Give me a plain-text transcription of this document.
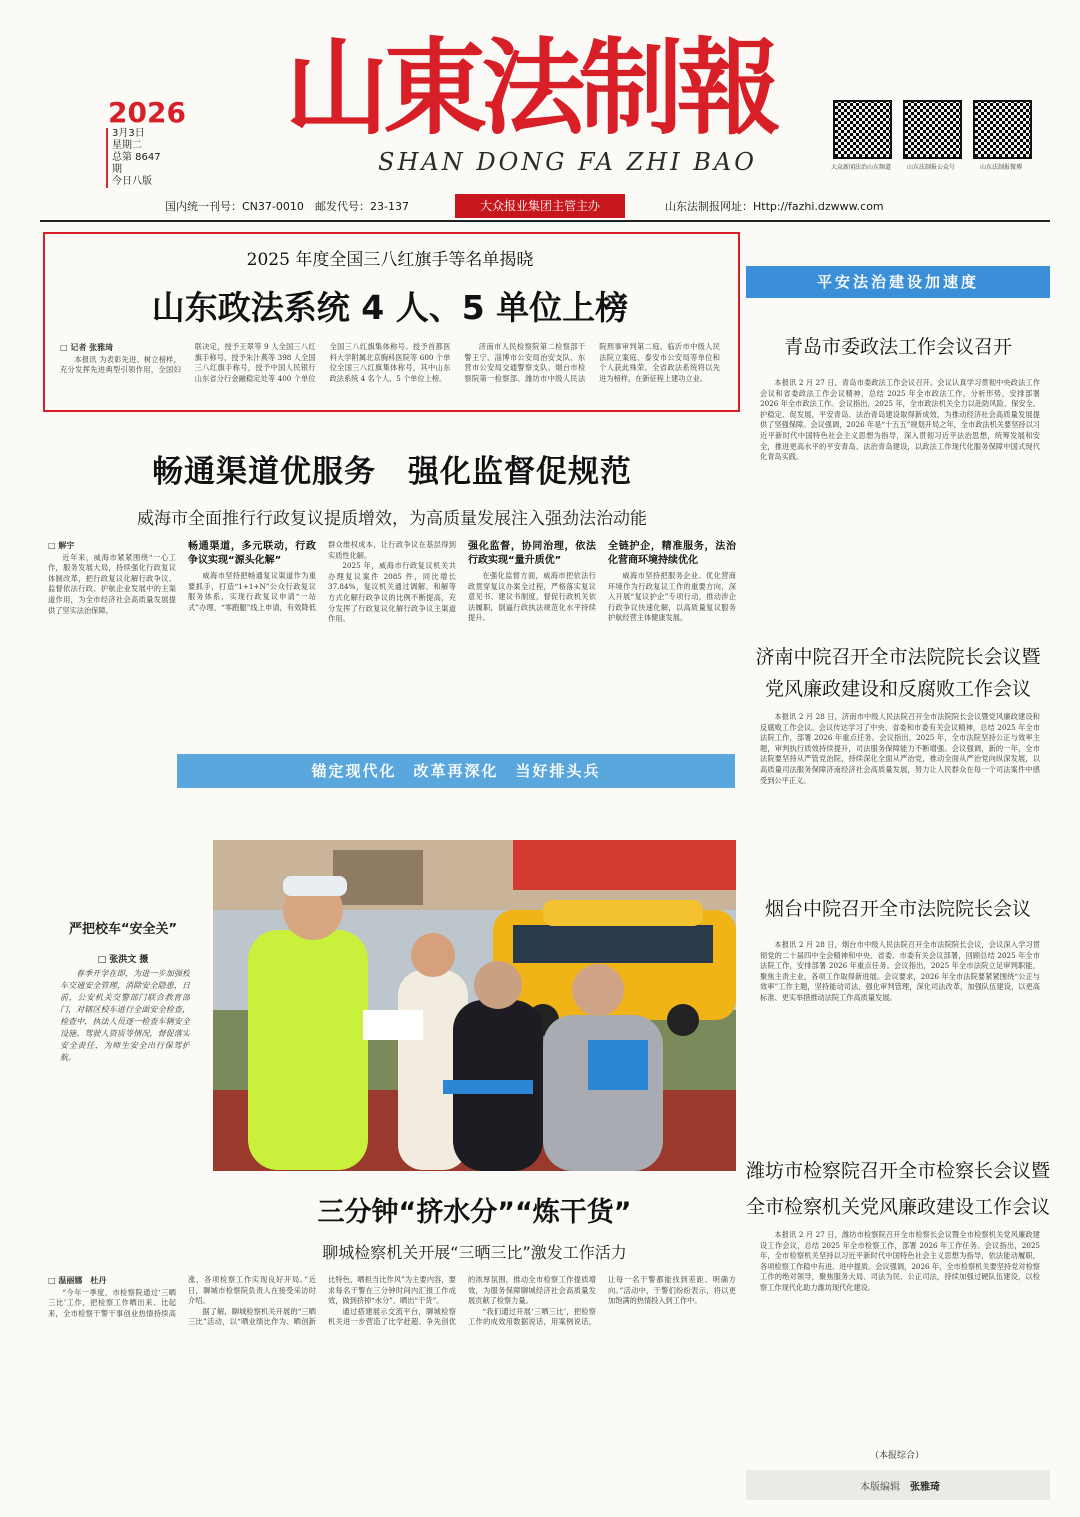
2026
3月3日
星期二
总第 8647 期
今日八版
山東法制報
SHAN DONG FA ZHI BAO	大众新闻法治山东频道	山东法制报公众号	山东法制报微博
国内统一刊号：CN37-0010 邮发代号：23-137	大众报业集团主管主办	山东法制报网址：Http://fazhi.dzwww.com
2025 年度全国三八红旗手等名单揭晓
山东政法系统 4 人、5 单位上榜
□ 记者 张雅琦

本报讯 为表彰先进、树立榜样，充分发挥先进典型引领作用，全国妇联决定，授予王翠等 9 人全国三八红旗手称号，授予朱汁燕等 398 人全国三八红旗手称号，授予中国人民银行山东省分行金融稳定处等 400 个单位全国三八红旗集体称号。授予首都医科大学附属北京胸科医院等 600 个单位全国三八红旗集体称号，其中山东政法系统 4 名个人、5 个单位上榜。

济南市人民检察院第二检察部干警王宁、淄博市公安局治安支队、东营市公安局交通警察支队、烟台市检察院第一检察部、潍坊市中级人民法院刑事审判第二庭、临沂市中级人民法院立案庭、泰安市公安局等单位和个人获此殊荣。全省政法系统将以先进为榜样，在新征程上建功立业。

畅通渠道优服务　强化监督促规范
威海市全面推行行政复议提质增效，为高质量发展注入强劲法治动能
□ 解宇

近年来，威海市紧紧围绕“一心工作，服务发展大局，持续强化行政复议体制改革，把行政复议化解行政争议、监督依法行政、护航企业发展中的主渠道作用，为全市经济社会高质量发展提供了坚实法治保障。

畅通渠道，多元联动，行政争议实现“源头化解”

威海市坚持把畅通复议渠道作为重要抓手，打造“1+1+N”公众行政复议服务体系，实现行政复议申请“一站式”办理、“零跑腿”线上申请，有效降低群众维权成本，让行政争议在基层得到实质性化解。

2025 年，威海市行政复议机关共办理复议案件 2085 件，同比增长 37.84%，复议机关通过调解、和解等方式化解行政争议的比例不断提高，充分发挥了行政复议化解行政争议主渠道作用。

强化监督，协同治理，依法行政实现“量升质优”

在强化监督方面，威海市把依法行政贯穿复议办案全过程，严格落实复议意见书、建议书制度，督促行政机关依法履职，倒逼行政执法规范化水平持续提升。

全链护企，精准服务，法治化营商环境持续优化

威海市坚持把服务企业、优化营商环境作为行政复议工作的重要方向，深入开展“复议护企”专项行动，推动涉企行政争议快速化解，以高质量复议服务护航经营主体健康发展。

锚定现代化　改革再深化　当好排头兵
严把校车“安全关”
□ 张洪文 摄

春季开学在即，为进一步加强校车交通安全管理，消除安全隐患，日前，公安机关交警部门联合教育部门，对辖区校车进行全面安全检查，检查中，执法人员逐一检查车辆安全设施、驾驶人资质等情况，督促落实安全责任，为师生安全出行保驾护航。

三分钟“挤水分”“炼干货”
聊城检察机关开展“三晒三比”激发工作活力
□ 温丽娜　杜丹

“今年一季度，市检察院通过‘三晒三比’工作，把检察工作晒出来、比起来，全市检察干警干事创业热情持续高涨，各项检察工作实现良好开局。”近日，聊城市检察院负责人在接受采访时介绍。

据了解，聊城检察机关开展的“三晒三比”活动，以“晒业绩比作为、晒创新比特色、晒担当比作风”为主要内容，要求每名干警在三分钟时间内汇报工作成效，做到挤掉“水分”、晒出“干货”。

通过搭建展示交流平台，聊城检察机关进一步营造了比学赶超、争先创优的浓厚氛围，推动全市检察工作提质增效，为服务保障聊城经济社会高质量发展贡献了检察力量。

“我们通过开展‘三晒三比’，把检察工作的成效用数据说话，用案例说话，让每一名干警都能找到差距、明确方向。”活动中，干警们纷纷表示，将以更加饱满的热情投入到工作中。

平安法治建设加速度
青岛市委政法工作会议召开

本报讯 2 月 27 日，青岛市委政法工作会议召开。会议认真学习贯彻中央政法工作会议和省委政法工作会议精神，总结 2025 年全市政法工作，分析形势，安排部署 2026 年全市政法工作。会议指出，2025 年，全市政法机关全力以赴防风险、保安全、护稳定、促发展，平安青岛、法治青岛建设取得新成效，为推动经济社会高质量发展提供了坚强保障。会议强调，2026 年是“十五五”规划开局之年，全市政法机关要坚持以习近平新时代中国特色社会主义思想为指导，深入贯彻习近平法治思想，统筹发展和安全，推进更高水平的平安青岛、法治青岛建设，以政法工作现代化服务保障中国式现代化青岛实践。

济南中院召开全市法院院长会议暨
党风廉政建设和反腐败工作会议

本报讯 2 月 28 日，济南市中级人民法院召开全市法院院长会议暨党风廉政建设和反腐败工作会议。会议传达学习了中央、省委和市委有关会议精神，总结 2025 年全市法院工作，部署 2026 年重点任务。会议指出，2025 年，全市法院坚持公正与效率主题，审判执行质效持续提升，司法服务保障能力不断增强。会议强调，新的一年，全市法院要坚持从严管党治院，持续深化全面从严治党，推动全面从严治党向纵深发展，以高质量司法服务保障济南经济社会高质量发展，努力让人民群众在每一个司法案件中感受到公平正义。

烟台中院召开全市法院院长会议

本报讯 2 月 28 日，烟台市中级人民法院召开全市法院院长会议，会议深入学习贯彻党的二十届四中全会精神和中央、省委、市委有关会议部署，回顾总结 2025 年全市法院工作，安排部署 2026 年重点任务。会议指出，2025 年全市法院立足审判职能，聚焦主责主业，各项工作取得新进展。会议要求，2026 年全市法院要紧紧围绕“公正与效率”工作主题，坚持能动司法，强化审判管理，深化司法改革，加强队伍建设，以更高标准、更实举措推动法院工作高质量发展。

潍坊市检察院召开全市检察长会议暨
全市检察机关党风廉政建设工作会议

本报讯 2 月 27 日，潍坊市检察院召开全市检察长会议暨全市检察机关党风廉政建设工作会议，总结 2025 年全市检察工作，部署 2026 年工作任务。会议指出，2025 年，全市检察机关坚持以习近平新时代中国特色社会主义思想为指导，依法能动履职，各项检察工作稳中有进、进中提质。会议强调，2026 年，全市检察机关要坚持党对检察工作的绝对领导，聚焦服务大局、司法为民、公正司法，持续加强过硬队伍建设，以检察工作现代化助力潍坊现代化建设。

（本报综合）
本版编辑 张雅琦
